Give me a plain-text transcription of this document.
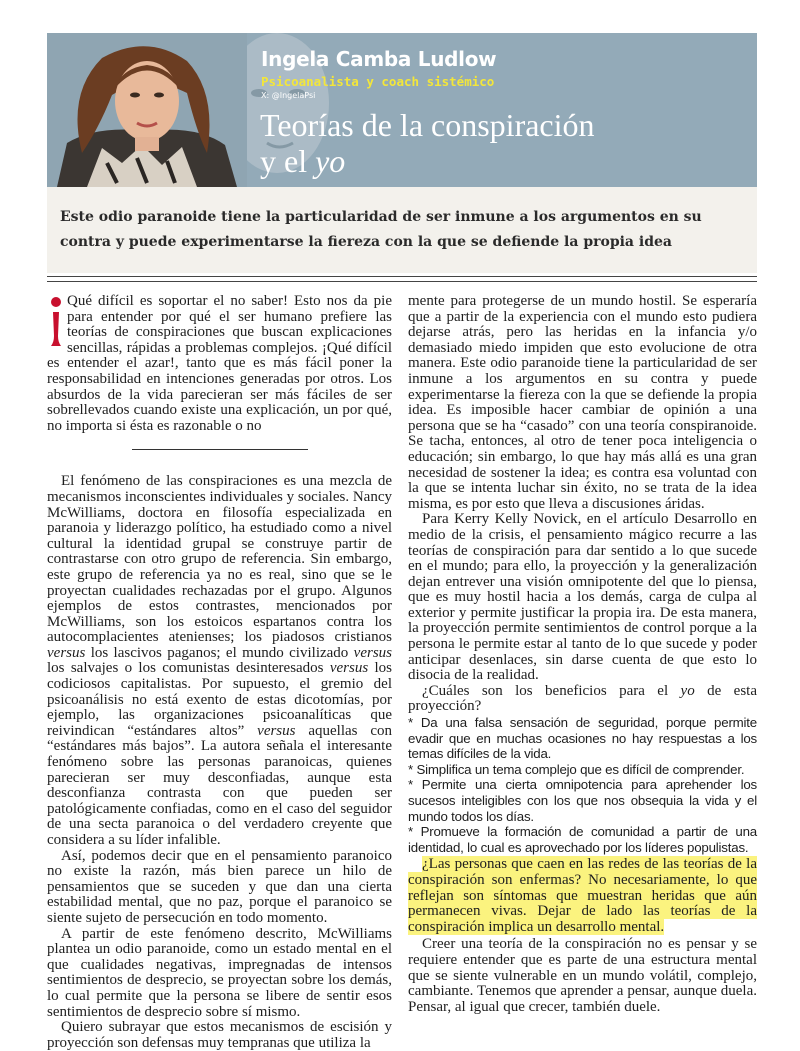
Ingela Camba Ludlow
Psicoanalista y coach sistémico
X: @IngelaPsi
Teorías de la conspiración
y el yo
Este odio paranoide tiene la particularidad de ser inmune a los argumentos en su contra y puede experimentarse la fiereza con la que se defiende la propia idea

Qué difícil es soportar el no saber! Esto nos da pie para entender por qué el ser humano prefiere las teorías de conspiraciones que buscan explicaciones sencillas, rápidas a problemas complejos. ¡Qué difícil es entender el azar!, tanto que es más fácil poner la responsabilidad en intenciones generadas por otros. Los absurdos de la vida parecieran ser más fáciles de ser sobrellevados cuando existe una explicación, un por qué, no importa si ésta es razonable o no

El fenómeno de las conspiraciones es una mezcla de mecanismos inconscientes individuales y sociales. Nancy McWilliams, doctora en filosofía especializada en paranoia y liderazgo político, ha estudiado como a nivel cultural la identidad grupal se construye partir de contrastarse con otro grupo de referencia. Sin embargo, este grupo de referencia ya no es real, sino que se le proyectan cualidades rechazadas por el grupo. Algunos ejemplos de estos contrastes, mencionados por McWilliams, son los estoicos espartanos contra los autocomplacientes atenienses; los piadosos cristianos versus los lascivos paganos; el mundo civilizado versus los salvajes o los comunistas desinteresados versus los codiciosos capitalistas. Por supuesto, el gremio del psicoanálisis no está exento de estas dicotomías, por ejemplo, las organizaciones psicoanalíticas que reivindican “estándares altos” versus aquellas con “estándares más bajos”. La autora señala el interesante fenómeno sobre las personas paranoicas, quienes parecieran ser muy desconfiadas, aunque esta desconfianza contrasta con que pueden ser patológicamente confiadas, como en el caso del seguidor de una secta paranoica o del verdadero creyente que considera a su líder infalible.

Así, podemos decir que en el pensamiento paranoico no existe la razón, más bien parece un hilo de pensamientos que se suceden y que dan una cierta estabilidad mental, que no paz, porque el paranoico se siente sujeto de persecución en todo momento.

A partir de este fenómeno descrito, McWilliams plantea un odio paranoide, como un estado mental en el que cualidades negativas, impregnadas de intensos sentimientos de desprecio, se proyectan sobre los demás, lo cual permite que la persona se libere de sentir esos sentimientos de desprecio sobre sí mismo.

Quiero subrayar que estos mecanismos de escisión y proyección son defensas muy tempranas que utiliza la

mente para protegerse de un mundo hostil. Se esperaría que a partir de la experiencia con el mundo esto pudiera dejarse atrás, pero las heridas en la infancia y/o demasiado miedo impiden que esto evolucione de otra manera. Este odio paranoide tiene la particularidad de ser inmune a los argumentos en su contra y puede experimentarse la fiereza con la que se defiende la propia idea. Es imposible hacer cambiar de opinión a una persona que se ha “casado” con una teoría conspiranoide. Se tacha, entonces, al otro de tener poca inteligencia o educación; sin embargo, lo que hay más allá es una gran necesidad de sostener la idea; es contra esa voluntad con la que se intenta luchar sin éxito, no se trata de la idea misma, es por esto que lleva a discusiones áridas.

Para Kerry Kelly Novick, en el artículo Desarrollo en medio de la crisis, el pensamiento mágico recurre a las teorías de conspiración para dar sentido a lo que sucede en el mundo; para ello, la proyección y la generalización dejan entrever una visión omnipotente del que lo piensa, que es muy hostil hacia a los demás, carga de culpa al exterior y permite justificar la propia ira. De esta manera, la proyección permite sentimientos de control porque a la persona le permite estar al tanto de lo que sucede y poder anticipar desenlaces, sin darse cuenta de que esto lo disocia de la realidad.

¿Cuáles son los beneficios para el yo de esta proyección?

* Da una falsa sensación de seguridad, porque permite evadir que en muchas ocasiones no hay respuestas a los temas difíciles de la vida.

* Simplifica un tema complejo que es difícil de comprender.

* Permite una cierta omnipotencia para aprehender los sucesos inteligibles con los que nos obsequia la vida y el mundo todos los días.

* Promueve la formación de comunidad a partir de una identidad, lo cual es aprovechado por los líderes populistas.

¿Las personas que caen en las redes de las teorías de la conspiración son enfermas? No necesariamente, lo que reflejan son síntomas que muestran heridas que aún permanecen vivas. Dejar de lado las teorías de la conspiración implica un desarrollo mental.

Creer una teoría de la conspiración no es pensar y se requiere entender que es parte de una estructura mental que se siente vulnerable en un mundo volátil, complejo, cambiante. Tenemos que aprender a pensar, aunque duela. Pensar, al igual que crecer, también duele.
